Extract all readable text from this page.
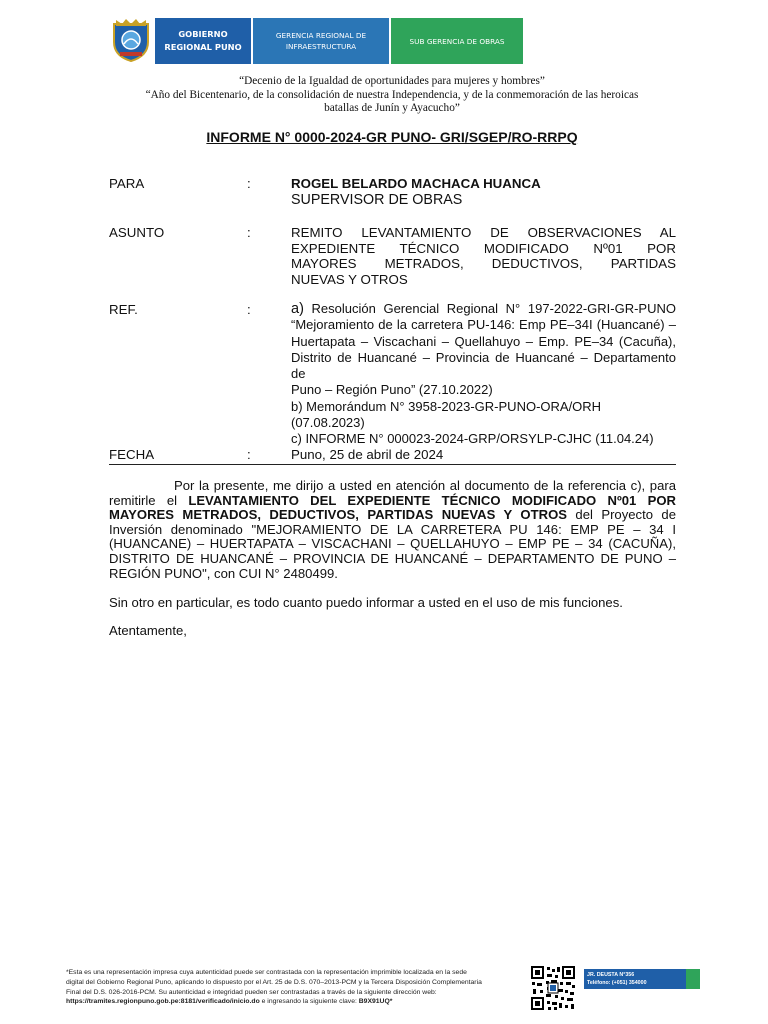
GOBIERNO
REGIONAL PUNO
GERENCIA REGIONAL DE
INFRAESTRUCTURA
SUB GERENCIA DE OBRAS
“Decenio de la Igualdad de oportunidades para mujeres y hombres”
“Año del Bicentenario, de la consolidación de nuestra Independencia, y de la conmemoración de las heroicas
batallas de Junín y Ayacucho”
INFORME N° 0000-2024-GR PUNO- GRI/SGEP/RO-RRPQ
PARA	:	ROGEL BELARDO MACHACA HUANCA
SUPERVISOR DE OBRAS
ASUNTO	:	REMITO LEVANTAMIENTO DE OBSERVACIONES AL
EXPEDIENTE TÉCNICO MODIFICADO Nº01 POR
MAYORES METRADOS, DEDUCTIVOS, PARTIDAS
NUEVAS Y OTROS
REF.	:	a) Resolución Gerencial Regional N° 197-2022-GRI-GR-PUNO
“Mejoramiento de la carretera PU-146: Emp PE–34I (Huancané) –
Huertapata – Viscachani – Quellahuyo – Emp. PE–34 (Cacuña),
Distrito de Huancané – Provincia de Huancané – Departamento de
Puno – Región Puno” (27.10.2022)
b) Memorándum N° 3958-2023-GR-PUNO-ORA/ORH
(07.08.2023)
c) INFORME N° 000023-2024-GRP/ORSYLP-CJHC (11.04.24)
FECHA	:	Puno, 25 de abril de 2024
Por la presente, me dirijo a usted en atención al documento de la referencia c), para
remitirle el LEVANTAMIENTO DEL EXPEDIENTE TÉCNICO MODIFICADO Nº01 POR
MAYORES METRADOS, DEDUCTIVOS, PARTIDAS NUEVAS Y OTROS del Proyecto de
Inversión denominado "MEJORAMIENTO DE LA CARRETERA PU 146: EMP PE – 34 I
(HUANCANE) – HUERTAPATA – VISCACHANI – QUELLAHUYO – EMP PE – 34 (CACUÑA),
DISTRITO DE HUANCANÉ – PROVINCIA DE HUANCANÉ – DEPARTAMENTO DE PUNO –
REGIÓN PUNO", con CUI N° 2480499.
Sin otro en particular, es todo cuanto puedo informar a usted en el uso de mis funciones.
Atentamente,
*Esta es una representación impresa cuya autenticidad puede ser contrastada con la representación imprimible localizada en la sede
digital del Gobierno Regional Puno, aplicando lo dispuesto por el Art. 25 de D.S. 070–2013-PCM y la Tercera Disposición Complementaria
Final del D.S. 026-2016-PCM. Su autenticidad e integridad pueden ser contrastadas a través de la siguiente dirección web:
https://tramites.regionpuno.gob.pe:8181/verificado/inicio.do e ingresando la siguiente clave: B9X91UQ*
JR. DEUSTA N°356
Teléfono: (+051) 354000
